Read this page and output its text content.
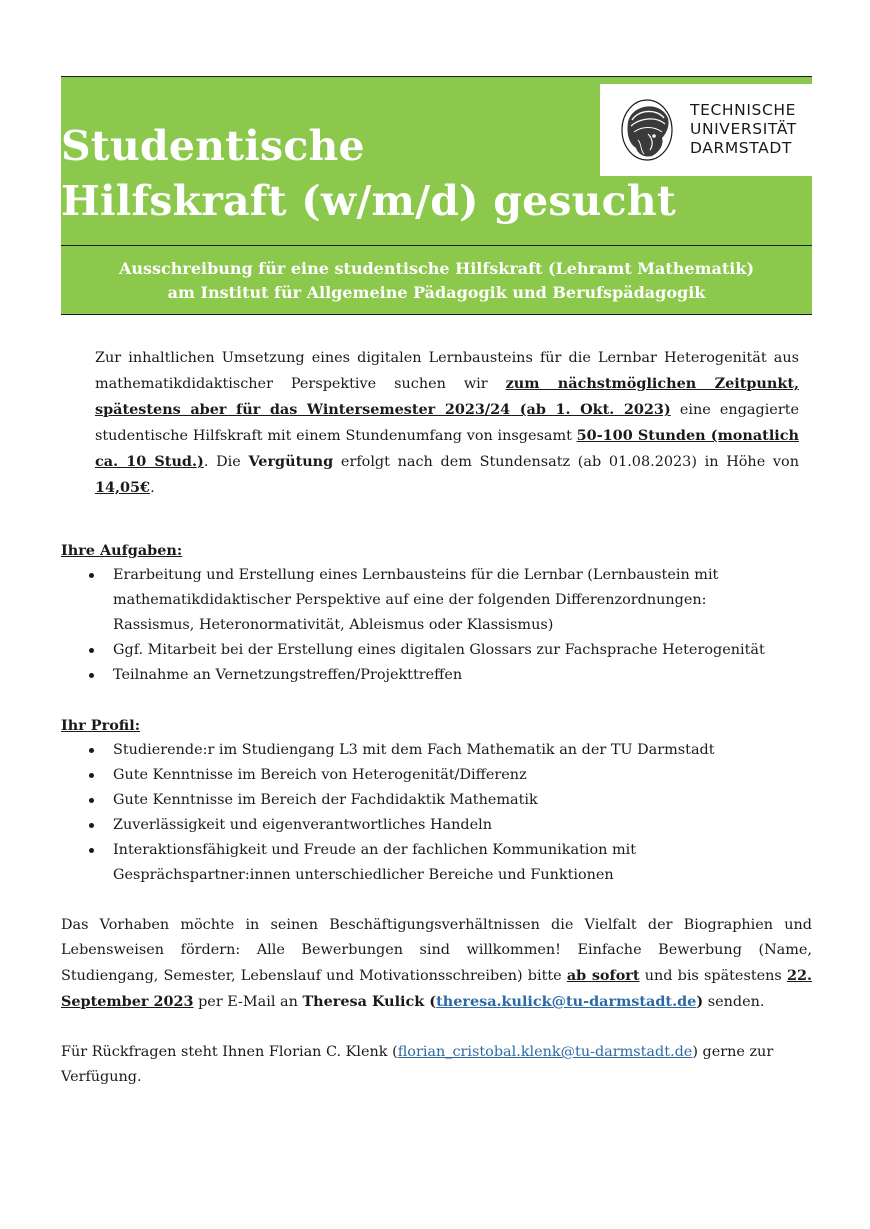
Studentische
Hilfskraft (w/m/d) gesucht
TECHNISCHE
UNIVERSITÄT
DARMSTADT
Ausschreibung für eine studentische Hilfskraft (Lehramt Mathematik)
am Institut für Allgemeine Pädagogik und Berufspädagogik

Zur inhaltlichen Umsetzung eines digitalen Lernbausteins für die Lernbar Heterogenität aus mathematikdidaktischer Perspektive suchen wir zum nächstmöglichen Zeitpunkt, spätestens aber für das Wintersemester 2023/24 (ab 1. Okt. 2023) eine engagierte studentische Hilfskraft mit einem Stundenumfang von insgesamt 50-100 Stunden (monatlich ca. 10 Stud.). Die Vergütung erfolgt nach dem Stundensatz (ab 01.08.2023) in Höhe von 14,05€.

Ihre Aufgaben:
Erarbeitung und Erstellung eines Lernbausteins für die Lernbar (Lernbaustein mit mathematikdidaktischer Perspektive auf eine der folgenden Differenzordnungen: Rassismus, Heteronormativität, Ableismus oder Klassismus)
Ggf. Mitarbeit bei der Erstellung eines digitalen Glossars zur Fachsprache Heterogenität
Teilnahme an Vernetzungstreffen/Projekttreffen
Ihr Profil:
Studierende:r im Studiengang L3 mit dem Fach Mathematik an der TU Darmstadt
Gute Kenntnisse im Bereich von Heterogenität/Differenz
Gute Kenntnisse im Bereich der Fachdidaktik Mathematik
Zuverlässigkeit und eigenverantwortliches Handeln
Interaktionsfähigkeit und Freude an der fachlichen Kommunikation mit Gesprächspartner:innen unterschiedlicher Bereiche und Funktionen

Das Vorhaben möchte in seinen Beschäftigungsverhältnissen die Vielfalt der Biographien und Lebensweisen fördern: Alle Bewerbungen sind willkommen! Einfache Bewerbung (Name, Studiengang, Semester, Lebenslauf und Motivationsschreiben) bitte ab sofort und bis spätestens 22. September 2023 per E-Mail an Theresa Kulick (theresa.kulick@tu-darmstadt.de) senden.

Für Rückfragen steht Ihnen Florian C. Klenk (florian_cristobal.klenk@tu-darmstadt.de) gerne zur Verfügung.
